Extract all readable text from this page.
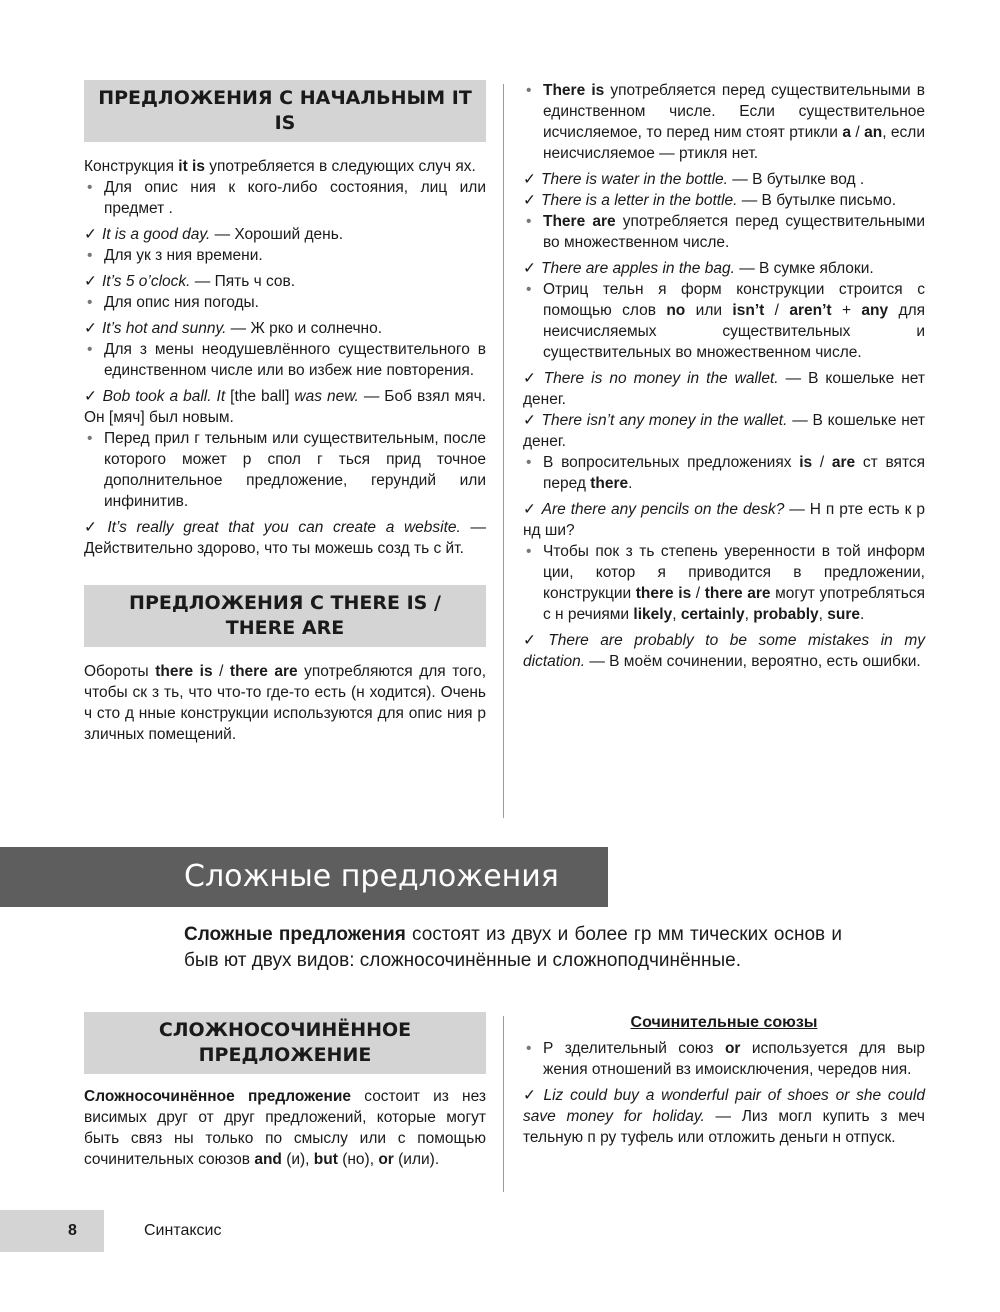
ПРЕДЛОЖЕНИЯ С НАЧАЛЬНЫМ IT IS

Конструкция it is употребляется в следующих случ ях.

• Для опис ния к кого-либо состояния, лиц или предмет .
✓ It is a good day. — Хороший день.
• Для ук з ния времени.
✓ It’s 5 o’clock. — Пять ч сов.
• Для опис ния погоды.
✓ It’s hot and sunny. — Ж рко и солнечно.
• Для з мены неодушевлённого существительного в единственном числе или во избеж ние повторения.
✓ Bob took a ball. It [the ball] was new. — Боб взял мяч. Он [мяч] был новым.
• Перед прил г тельным или существительным, после которого может р спол г ться прид точное дополнительное предложение, герундий или инфинитив.
✓ It’s really great that you can create a website. — Действительно здорово, что ты можешь созд ть с йт.
ПРЕДЛОЖЕНИЯ С THERE IS / THERE ARE

Обороты there is / there are употребляются для того, чтобы ск з ть, что что-то где-то есть (н ходится). Очень ч сто д нные конструкции используются для опис ния р зличных помещений.

• There is употребляется перед существительными в единственном числе. Если существительное исчисляемое, то перед ним стоят ртикли a / an, если неисчисляемое — ртикля нет.
✓ There is water in the bottle. — В бутылке вод .
✓ There is a letter in the bottle. — В бутылке письмо.
• There are употребляется перед существительными во множественном числе.
✓ There are apples in the bag. — В сумке яблоки.
• Отриц тельн я форм конструкции строится с помощью слов no или isn’t / aren’t + any для неисчисляемых существительных и существительных во множественном числе.
✓ There is no money in the wallet. — В кошельке нет денег.
✓ There isn’t any money in the wallet. — В кошельке нет денег.
• В вопросительных предложениях is / are ст вятся перед there.
✓ Are there any pencils on the desk? — Н п рте есть к р нд ши?
• Чтобы пок з ть степень уверенности в той информ ции, котор я приводится в предложении, конструкции there is / there are могут употребляться с н речиями likely, certainly, probably, sure.
✓ There are probably to be some mistakes in my dictation. — В моём сочинении, вероятно, есть ошибки.
Сложные предложения
Сложные предложения состоят из двух и более гр мм тических основ и быв ют двух видов: сложносочинённые и сложноподчинённые.
СЛОЖНОСОЧИНЁННОЕ ПРЕДЛОЖЕНИЕ

Сложносочинённое предложение состоит из нез висимых друг от друг предложений, которые могут быть связ ны только по смыслу или с помощью сочинительных союзов and (и), but (но), or (или).

Сочинительные союзы
• Р зделительный союз or используется для выр жения отношений вз имоисключения, чередов ния.
✓ Liz could buy a wonderful pair of shoes or she could save money for holiday. — Лиз могл купить з меч тельную п ру туфель или отложить деньги н отпуск.
8	Синтаксис
